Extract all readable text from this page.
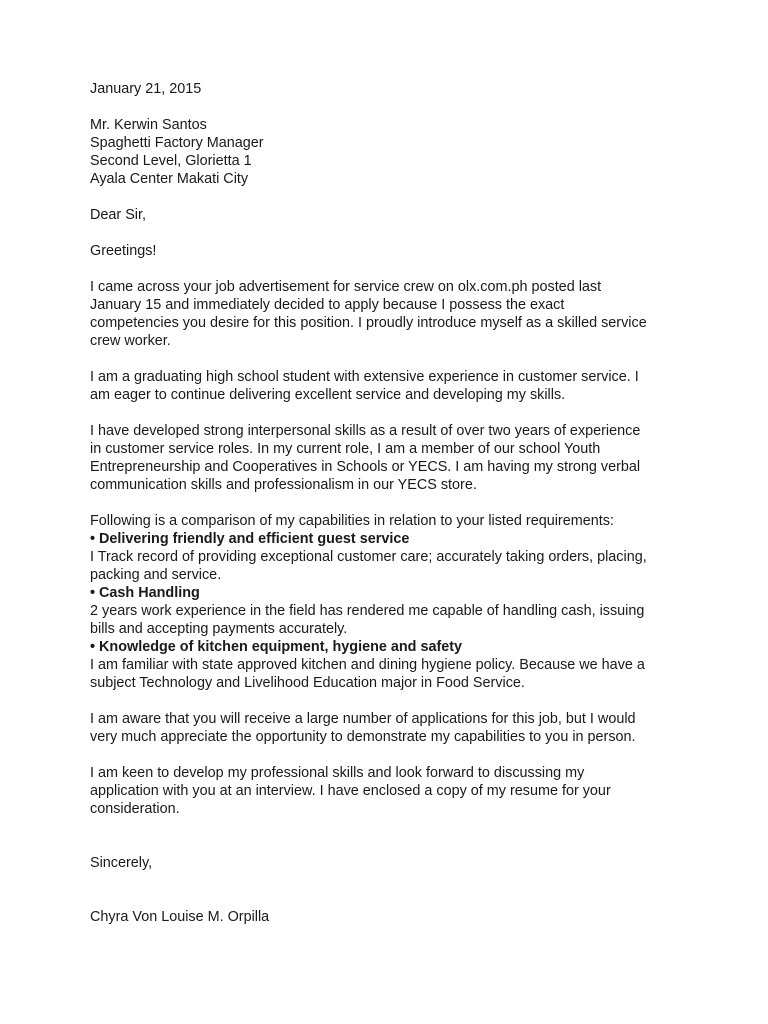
January 21, 2015
Mr. Kerwin Santos
Spaghetti Factory Manager
Second Level, Glorietta 1
Ayala Center Makati City
Dear Sir,
Greetings!
I came across your job advertisement for service crew on olx.com.ph posted last
January 15 and immediately decided to apply because I possess the exact
competencies you desire for this position. I proudly introduce myself as a skilled service
crew worker.
I am a graduating high school student with extensive experience in customer service. I
am eager to continue delivering excellent service and developing my skills.
I have developed strong interpersonal skills as a result of over two years of experience
in customer service roles. In my current role, I am a member of our school Youth
Entrepreneurship and Cooperatives in Schools or YECS. I am having my strong verbal
communication skills and professionalism in our YECS store.
Following is a comparison of my capabilities in relation to your listed requirements:
• Delivering friendly and efficient guest service
I Track record of providing exceptional customer care; accurately taking orders, placing,
packing and service.
• Cash Handling
2 years work experience in the field has rendered me capable of handling cash, issuing
bills and accepting payments accurately.
• Knowledge of kitchen equipment, hygiene and safety
I am familiar with state approved kitchen and dining hygiene policy. Because we have a
subject Technology and Livelihood Education major in Food Service.
I am aware that you will receive a large number of applications for this job, but I would
very much appreciate the opportunity to demonstrate my capabilities to you in person.
I am keen to develop my professional skills and look forward to discussing my
application with you at an interview. I have enclosed a copy of my resume for your
consideration.
Sincerely,
Chyra Von Louise M. Orpilla
